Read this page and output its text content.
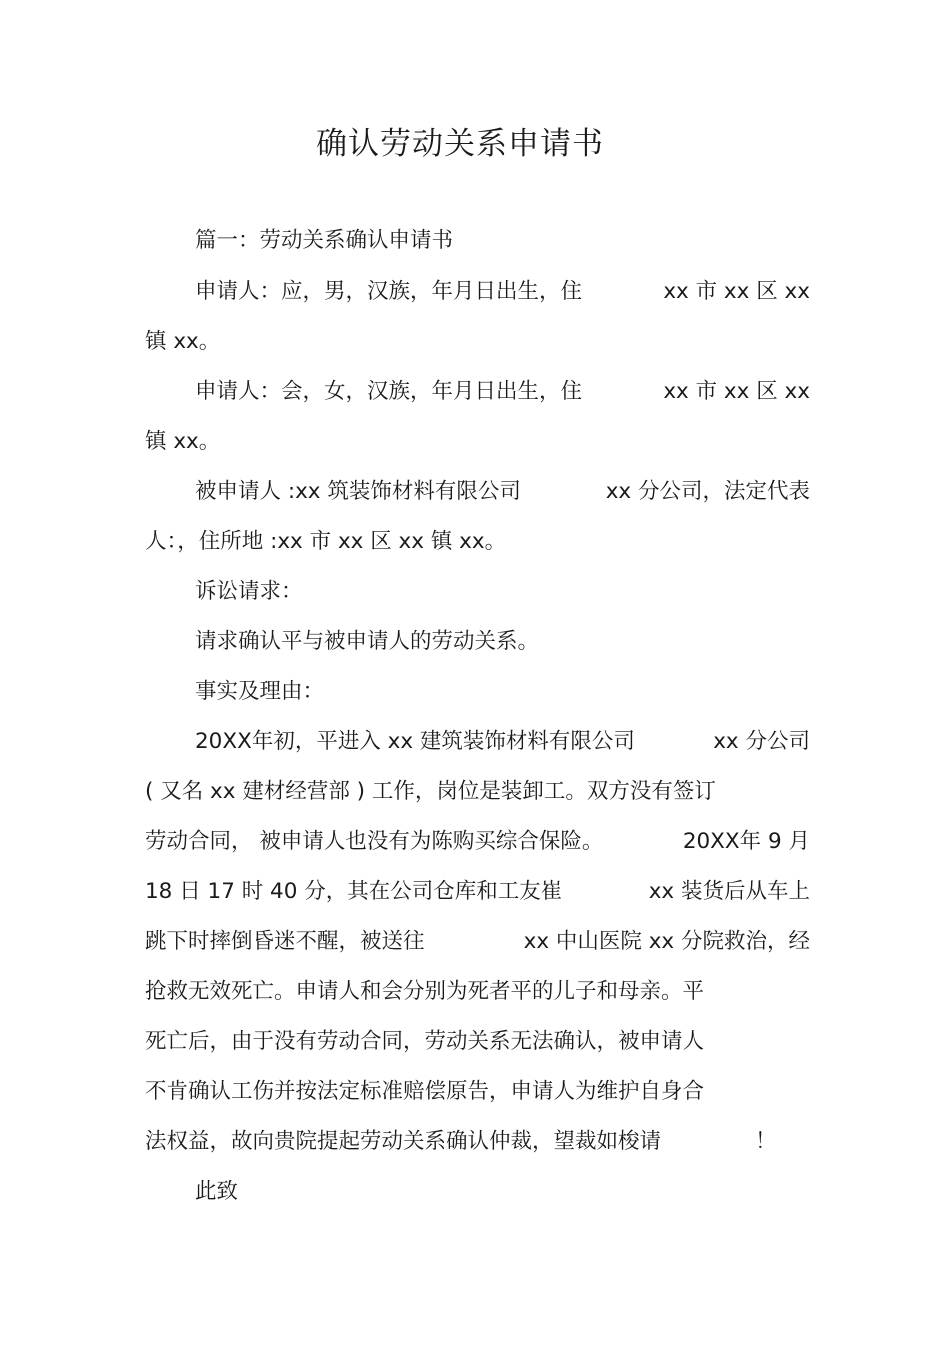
确认劳动关系申请书

篇一：劳动关系确认申请书

申请人：应，男，汉族，年月日出生，住	xx 市 xx 区 xx

镇 xx。

申请人：会，女，汉族，年月日出生，住	xx 市 xx 区 xx

镇 xx。

被申请人 :xx 筑装饰材料有限公司	xx 分公司，法定代表

人：，住所地 :xx 市 xx 区 xx 镇 xx。

诉讼请求：

请求确认平与被申请人的劳动关系。

事实及理由：

20XX年初，平进入 xx 建筑装饰材料有限公司	xx 分公司

( 又名 xx 建材经营部 ) 工作，岗位是装卸工。双方没有签订

劳动合同， 被申请人也没有为陈购买综合保险。	20XX年 9 月
18 日 17 时 40 分，其在公司仓库和工友崔	xx 装货后从车上
跳下时摔倒昏迷不醒，被送往	xx 中山医院 xx 分院救治，经

抢救无效死亡。申请人和会分别为死者平的儿子和母亲。平

死亡后，由于没有劳动合同，劳动关系无法确认，被申请人

不肯确认工伤并按法定标准赔偿原告，申请人为维护自身合

法权益，故向贵院提起劳动关系确认仲裁，望裁如梭请	！

此致
